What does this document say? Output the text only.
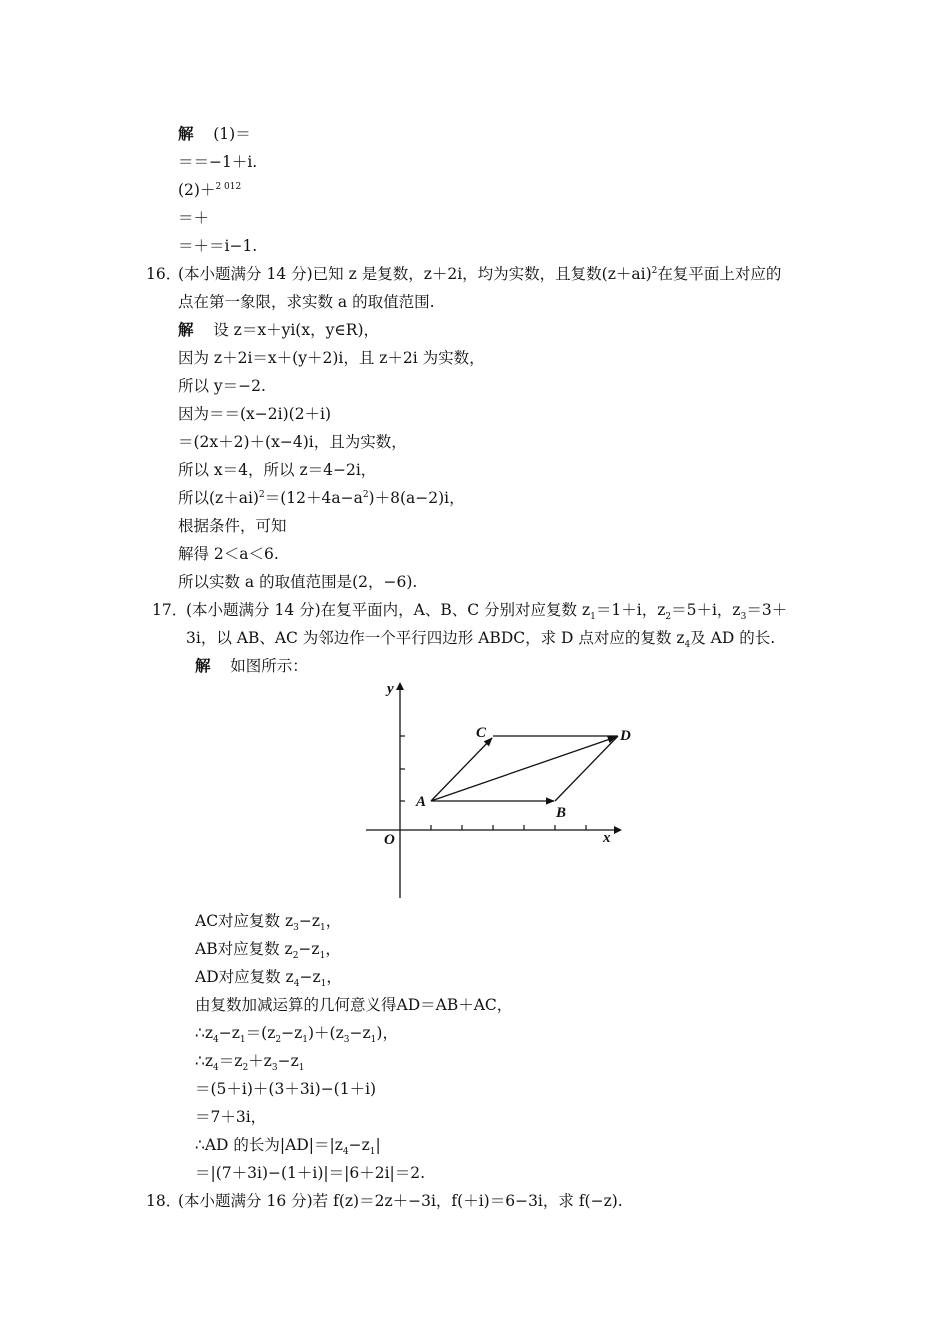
解 (1)＝
＝＝−1＋i.
(2)＋$^{2 012}$
＝＋
＝＋＝i−1.
16．
(本小题满分 14 分)已知 z 是复数，z＋2i，均为实数，且复数$(z+ai)^2$在复平面上对应的
点在第一象限，求实数 a 的取值范围.
解 设 z＝x＋yi(x，y∈R)，
因为 z＋2i＝x＋(y＋2)i，且 z＋2i 为实数，
所以 y＝−2.
因为＝＝(x−2i)(2＋i)
＝(2x＋2)＋(x−4)i，且为实数，
所以 x＝4，所以 z＝4−2i，
所以$(z+ai)^2=(12+4a-a^2)+8(a-2)i$，
根据条件，可知
解得 2＜a＜6.
所以实数 a 的取值范围是(2，−6).
17．
(本小题满分 14 分)在复平面内，A、B、C 分别对应复数 $z_1=1+i$，$z_2=5+i$，$z_3=3+$
3i，以 AB、AC 为邻边作一个平行四边形 ABDC，求 D 点对应的复数 $z_4$及 AD 的长.
解 如图所示：
y
x
O
A
B
C	D
AC对应复数 $z_3-z_1$，
AB对应复数 $z_2-z_1$，
AD对应复数 $z_4-z_1$，
由复数加减运算的几何意义得AD＝AB＋AC，
$\therefore z_4-z_1=(z_2-z_1)+(z_3-z_1)$，
$\therefore z_4=z_2+z_3-z_1$
＝(5＋i)＋(3＋3i)−(1＋i)
＝7＋3i，
∴AD 的长为$|AD|=|z_4-z_1|$
＝|(7＋3i)−(1＋i)|＝|6＋2i|＝2.
18．
(本小题满分 16 分)若 f(z)＝2z＋−3i，f(＋i)＝6−3i，求 f(−z).
